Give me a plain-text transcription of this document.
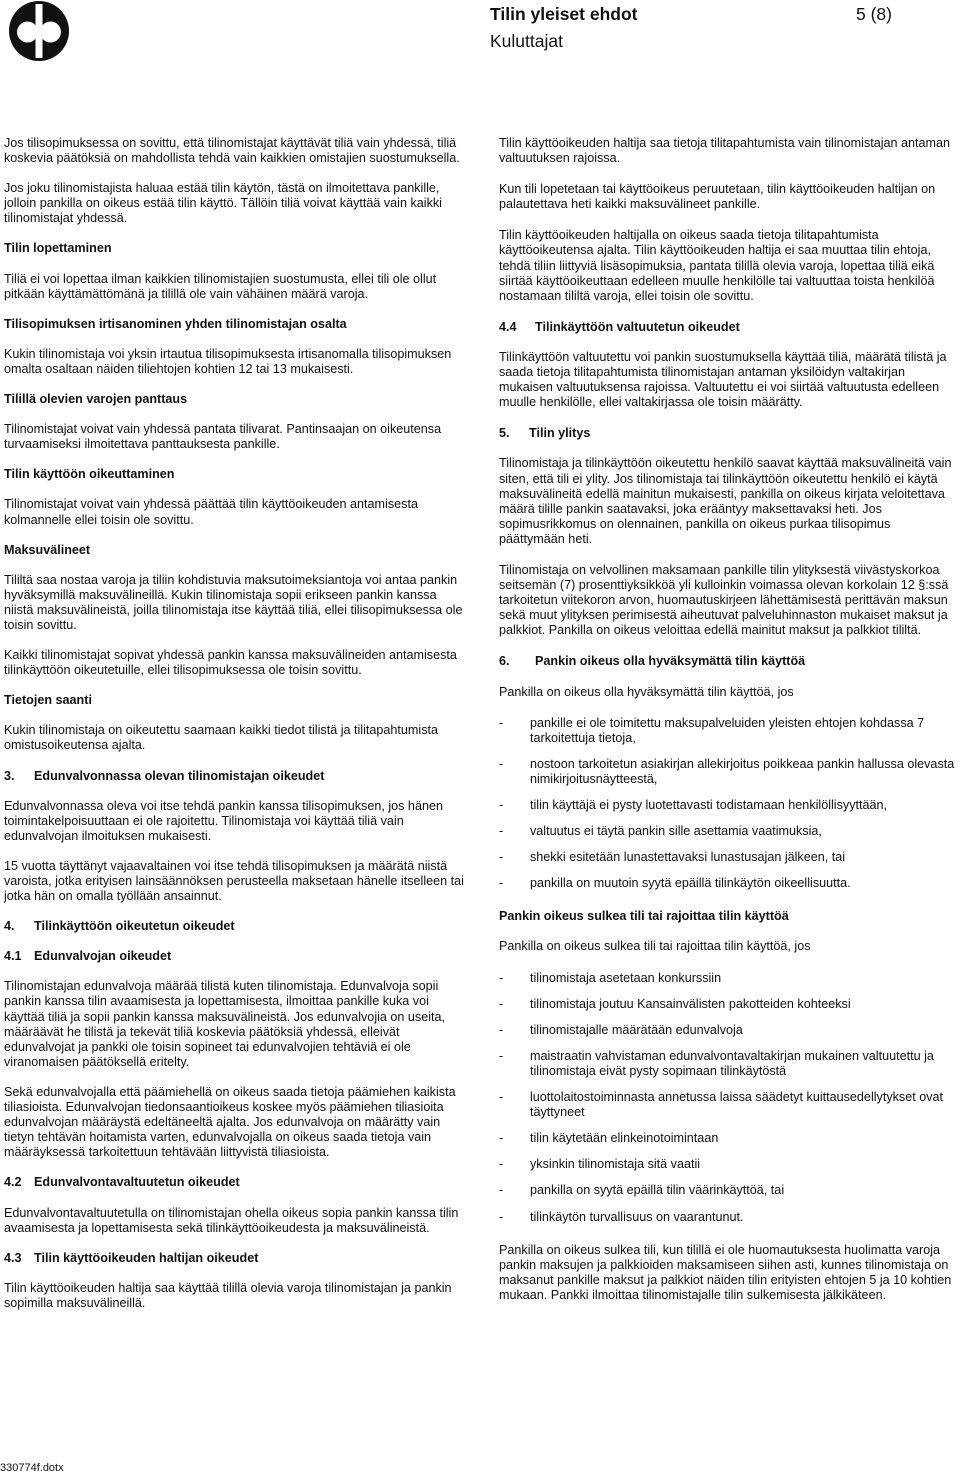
Tilin yleiset ehdot	5 (8)
Kuluttajat

Jos tilisopimuksessa on sovittu, että tilinomistajat käyttävät tiliä vain yhdessä, tiliä koskevia päätöksiä on mahdollista tehdä vain kaikkien omistajien suostumuksella.

Jos joku tilinomistajista haluaa estää tilin käytön, tästä on ilmoitettava pankille, jolloin pankilla on oikeus estää tilin käyttö. Tällöin tiliä voivat käyttää vain kaikki tilinomistajat yhdessä.

Tilin lopettaminen

Tiliä ei voi lopettaa ilman kaikkien tilinomistajien suostumusta, ellei tili ole ollut pitkään käyttämättömänä ja tilillä ole vain vähäinen määrä varoja.

Tilisopimuksen irtisanominen yhden tilinomistajan osalta

Kukin tilinomistaja voi yksin irtautua tilisopimuksesta irtisanomalla tilisopimuksen omalta osaltaan näiden tiliehtojen kohtien 12 tai 13 mukaisesti.

Tilillä olevien varojen panttaus

Tilinomistajat voivat vain yhdessä pantata tilivarat. Pantinsaajan on oikeutensa turvaamiseksi ilmoitettava panttauksesta pankille.

Tilin käyttöön oikeuttaminen

Tilinomistajat voivat vain yhdessä päättää tilin käyttöoikeuden antamisesta kolmannelle ellei toisin ole sovittu.

Maksuvälineet

Tililtä saa nostaa varoja ja tiliin kohdistuvia maksutoimeksiantoja voi antaa pankin hyväksymillä maksuvälineillä. Kukin tilinomistaja sopii erikseen pankin kanssa niistä maksuvälineistä, joilla tilinomistaja itse käyttää tiliä, ellei tilisopimuksessa ole toisin sovittu.

Kaikki tilinomistajat sopivat yhdessä pankin kanssa maksuvälineiden antamisesta tilinkäyttöön oikeutetuille, ellei tilisopimuksessa ole toisin sovittu.

Tietojen saanti

Kukin tilinomistaja on oikeutettu saamaan kaikki tiedot tilistä ja tilitapahtumista omistusoikeutensa ajalta.

3. Edunvalvonnassa olevan tilinomistajan oikeudet

Edunvalvonnassa oleva voi itse tehdä pankin kanssa tilisopimuksen, jos hänen toimintakelpoisuuttaan ei ole rajoitettu. Tilinomistaja voi käyttää tiliä vain edunvalvojan ilmoituksen mukaisesti.

15 vuotta täyttänyt vajaavaltainen voi itse tehdä tilisopimuksen ja määrätä niistä varoista, jotka erityisen lainsäännöksen perusteella maksetaan hänelle itselleen tai jotka hän on omalla työllään ansainnut.

4. Tilinkäyttöön oikeutetun oikeudet
4.1 Edunvalvojan oikeudet

Tilinomistajan edunvalvoja määrää tilistä kuten tilinomistaja. Edunvalvoja sopii pankin kanssa tilin avaamisesta ja lopettamisesta, ilmoittaa pankille kuka voi käyttää tiliä ja sopii pankin kanssa maksuvälineistä. Jos edunvalvojia on useita, määräävät he tilistä ja tekevät tiliä koskevia päätöksiä yhdessä, elleivät edunvalvojat ja pankki ole toisin sopineet tai edunvalvojien tehtäviä ei ole viranomaisen päätöksellä eritelty.

Sekä edunvalvojalla että päämiehellä on oikeus saada tietoja päämiehen kaikista tiliasioista. Edunvalvojan tiedonsaantioikeus koskee myös päämiehen tiliasioita edunvalvojan määräystä edeltäneeltä ajalta. Jos edunvalvoja on määrätty vain tietyn tehtävän hoitamista varten, edunvalvojalla on oikeus saada tietoja vain määräyksessä tarkoitettuun tehtävään liittyvistä tiliasioista.

4.2 Edunvalvontavaltuutetun oikeudet

Edunvalvontavaltuutetulla on tilinomistajan ohella oikeus sopia pankin kanssa tilin avaamisesta ja lopettamisesta sekä tilinkäyttöoikeudesta ja maksuvälineistä.

4.3 Tilin käyttöoikeuden haltijan oikeudet

Tilin käyttöoikeuden haltija saa käyttää tilillä olevia varoja tilinomistajan ja pankin sopimilla maksuvälineillä.

Tilin käyttöoikeuden haltija saa tietoja tilitapahtumista vain tilinomistajan antaman valtuutuksen rajoissa.

Kun tili lopetetaan tai käyttöoikeus peruutetaan, tilin käyttöoikeuden haltijan on palautettava heti kaikki maksuvälineet pankille.

Tilin käyttöoikeuden haltijalla on oikeus saada tietoja tilitapahtumista käyttöoikeutensa ajalta. Tilin käyttöoikeuden haltija ei saa muuttaa tilin ehtoja, tehdä tiliin liittyviä lisäsopimuksia, pantata tilillä olevia varoja, lopettaa tiliä eikä siirtää käyttöoikeuttaan edelleen muulle henkilölle tai valtuuttaa toista henkilöä nostamaan tililtä varoja, ellei toisin ole sovittu.

4.4 Tilinkäyttöön valtuutetun oikeudet

Tilinkäyttöön valtuutettu voi pankin suostumuksella käyttää tiliä, määrätä tilistä ja saada tietoja tilitapahtumista tilinomistajan antaman yksilöidyn valtakirjan mukaisen valtuutuksensa rajoissa. Valtuutettu ei voi siirtää valtuutusta edelleen muulle henkilölle, ellei valtakirjassa ole toisin määrätty.

5. Tilin ylitys

Tilinomistaja ja tilinkäyttöön oikeutettu henkilö saavat käyttää maksuvälineitä vain siten, että tili ei ylity. Jos tilinomistaja tai tilinkäyttöön oikeutettu henkilö ei käytä maksuvälineitä edellä mainitun mukaisesti, pankilla on oikeus kirjata veloitettava määrä tilille pankin saatavaksi, joka erääntyy maksettavaksi heti. Jos sopimusrikkomus on olennainen, pankilla on oikeus purkaa tilisopimus päättymään heti.

Tilinomistaja on velvollinen maksamaan pankille tilin ylityksestä viivästyskorkoa seitsemän (7) prosenttiyksikköä yli kulloinkin voimassa olevan korkolain 12 §:ssä tarkoitetun viitekoron arvon, huomautuskirjeen lähettämisestä perittävän maksun sekä muut ylityksen perimisestä aiheutuvat palveluhinnaston mukaiset maksut ja palkkiot. Pankilla on oikeus veloittaa edellä mainitut maksut ja palkkiot tililtä.

6. Pankin oikeus olla hyväksymättä tilin käyttöä

Pankilla on oikeus olla hyväksymättä tilin käyttöä, jos

- pankille ei ole toimitettu maksupalveluiden yleisten ehtojen kohdassa 7 tarkoitettuja tietoja,
- nostoon tarkoitetun asiakirjan allekirjoitus poikkeaa pankin hallussa olevasta nimikirjoitusnäytteestä,
- tilin käyttäjä ei pysty luotettavasti todistamaan henkilöllisyyttään,
- valtuutus ei täytä pankin sille asettamia vaatimuksia,
- shekki esitetään lunastettavaksi lunastusajan jälkeen, tai
- pankilla on muutoin syytä epäillä tilinkäytön oikeellisuutta.
Pankin oikeus sulkea tili tai rajoittaa tilin käyttöä

Pankilla on oikeus sulkea tili tai rajoittaa tilin käyttöä, jos

- tilinomistaja asetetaan konkurssiin
- tilinomistaja joutuu Kansainvälisten pakotteiden kohteeksi
- tilinomistajalle määrätään edunvalvoja
- maistraatin vahvistaman edunvalvontavaltakirjan mukainen valtuutettu ja tilinomistaja eivät pysty sopimaan tilinkäytöstä
- luottolaitostoiminnasta annetussa laissa säädetyt kuittausedellytykset ovat täyttyneet
- tilin käytetään elinkeinotoimintaan
- yksinkin tilinomistaja sitä vaatii
- pankilla on syytä epäillä tilin väärinkäyttöä, tai
- tilinkäytön turvallisuus on vaarantunut.

Pankilla on oikeus sulkea tili, kun tilillä ei ole huomautuksesta huolimatta varoja pankin maksujen ja palkkioiden maksamiseen siihen asti, kunnes tilinomistaja on maksanut pankille maksut ja palkkiot näiden tilin erityisten ehtojen 5 ja 10 kohtien mukaan. Pankki ilmoittaa tilinomistajalle tilin sulkemisesta jälkikäteen.

330774f.dotx
